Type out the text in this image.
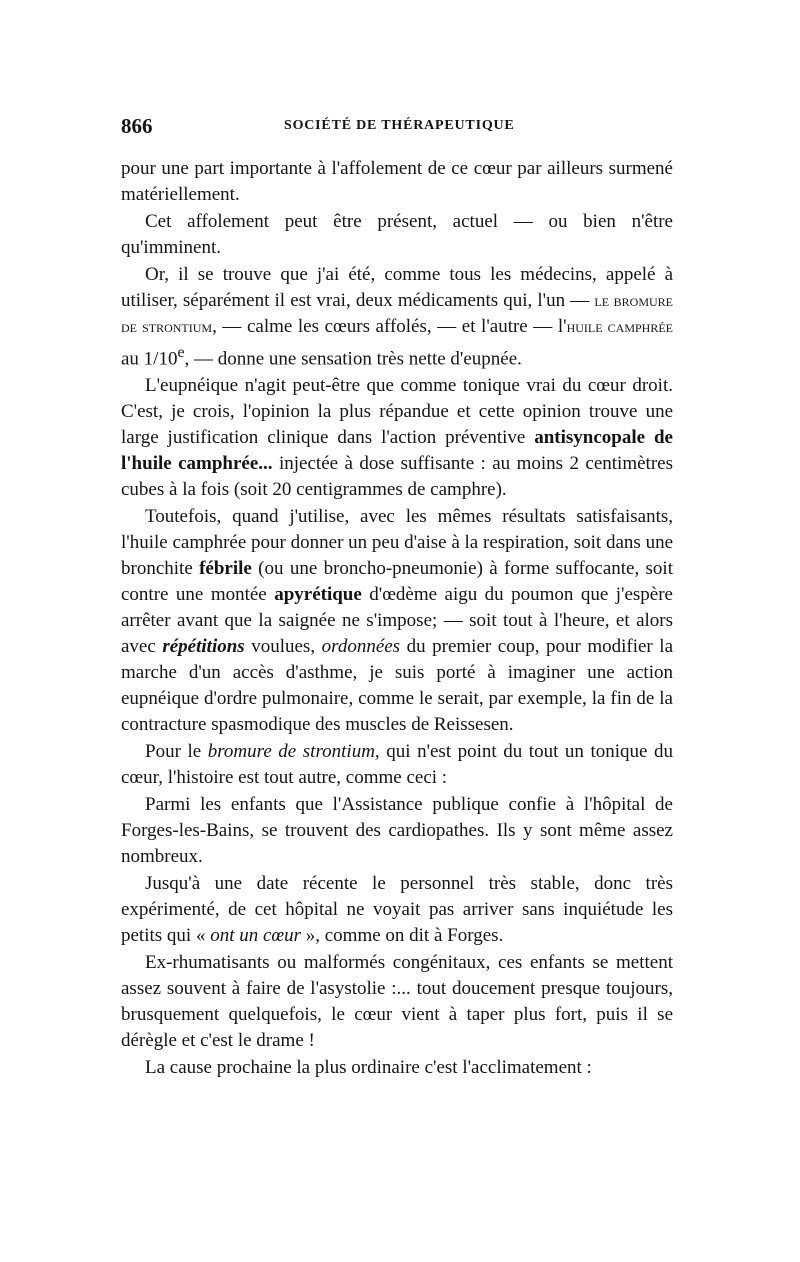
866	SOCIÉTÉ DE THÉRAPEUTIQUE

pour une part importante à l'affolement de ce cœur par ailleurs surmené matériellement.

Cet affolement peut être présent, actuel — ou bien n'être qu'imminent.

Or, il se trouve que j'ai été, comme tous les médecins, appelé à utiliser, séparément il est vrai, deux médicaments qui, l'un — le bromure de strontium, — calme les cœurs affolés, — et l'autre — l'huile camphrée au 1/10e, — donne une sensation très nette d'eupnée.

L'eupnéique n'agit peut-être que comme tonique vrai du cœur droit. C'est, je crois, l'opinion la plus répandue et cette opinion trouve une large justification clinique dans l'action préventive antisyncopale de l'huile camphrée... injectée à dose suffisante : au moins 2 centimètres cubes à la fois (soit 20 centigrammes de camphre).

Toutefois, quand j'utilise, avec les mêmes résultats satisfaisants, l'huile camphrée pour donner un peu d'aise à la respiration, soit dans une bronchite fébrile (ou une broncho-pneumonie) à forme suffocante, soit contre une montée apyrétique d'œdème aigu du poumon que j'espère arrêter avant que la saignée ne s'impose; — soit tout à l'heure, et alors avec répétitions voulues, ordonnées du premier coup, pour modifier la marche d'un accès d'asthme, je suis porté à imaginer une action eupnéique d'ordre pulmonaire, comme le serait, par exemple, la fin de la contracture spasmodique des muscles de Reissesen.

Pour le bromure de strontium, qui n'est point du tout un tonique du cœur, l'histoire est tout autre, comme ceci :

Parmi les enfants que l'Assistance publique confie à l'hôpital de Forges-les-Bains, se trouvent des cardiopathes. Ils y sont même assez nombreux.

Jusqu'à une date récente le personnel très stable, donc très expérimenté, de cet hôpital ne voyait pas arriver sans inquiétude les petits qui « ont un cœur », comme on dit à Forges.

Ex-rhumatisants ou malformés congénitaux, ces enfants se mettent assez souvent à faire de l'asystolie :... tout doucement presque toujours, brusquement quelquefois, le cœur vient à taper plus fort, puis il se dérègle et c'est le drame !

La cause prochaine la plus ordinaire c'est l'acclimatement :
